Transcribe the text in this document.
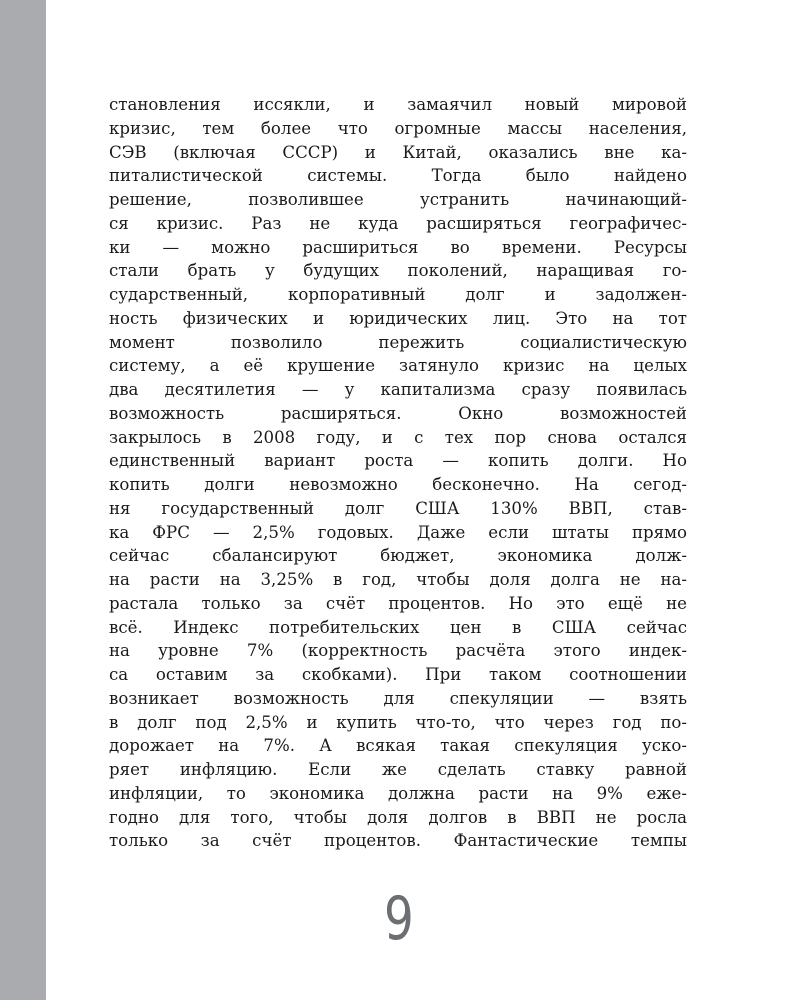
становления иссякли, и замаячил новый мировой
кризис, тем более что огромные массы населения,
СЭВ (включая СССР) и Китай, оказались вне ка-
питалистической системы. Тогда было найдено
решение, позволившее устранить начинающий-
ся кризис. Раз не куда расширяться географичес-
ки — можно расшириться во времени. Ресурсы
стали брать у будущих поколений, наращивая го-
сударственный, корпоративный долг и задолжен-
ность физических и юридических лиц. Это на тот
момент позволило пережить социалистическую
систему, а её крушение затянуло кризис на целых
два десятилетия — у капитализма сразу появилась
возможность расширяться. Окно возможностей
закрылось в 2008 году, и с тех пор снова остался
единственный вариант роста — копить долги. Но
копить долги невозможно бесконечно. На сегод-
ня государственный долг США 130% ВВП, став-
ка ФРС — 2,5% годовых. Даже если штаты прямо
сейчас сбалансируют бюджет, экономика долж-
на расти на 3,25% в год, чтобы доля долга не на-
растала только за счёт процентов. Но это ещё не
всё. Индекс потребительских цен в США сейчас
на уровне 7% (корректность расчёта этого индек-
са оставим за скобками). При таком соотношении
возникает возможность для спекуляции — взять
в долг под 2,5% и купить что-то, что через год по-
дорожает на 7%. А всякая такая спекуляция уско-
ряет инфляцию. Если же сделать ставку равной
инфляции, то экономика должна расти на 9% еже-
годно для того, чтобы доля долгов в ВВП не росла
только за счёт процентов. Фантастические темпы
9
